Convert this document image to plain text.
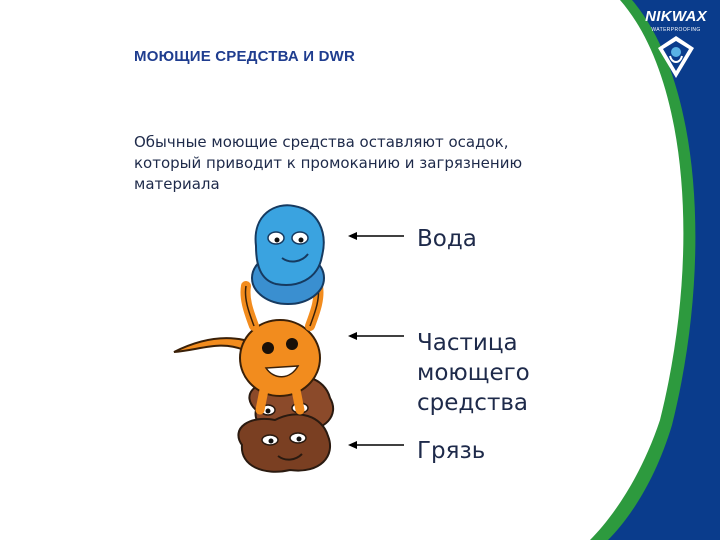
NIKWAX
WATERPROOFING
МОЮЩИЕ СРЕДСТВА И DWR
Обычные моющие средства оставляют осадок,
который приводит к промоканию и загрязнению
материала
Вода
Частица
моющего
средства
Грязь
